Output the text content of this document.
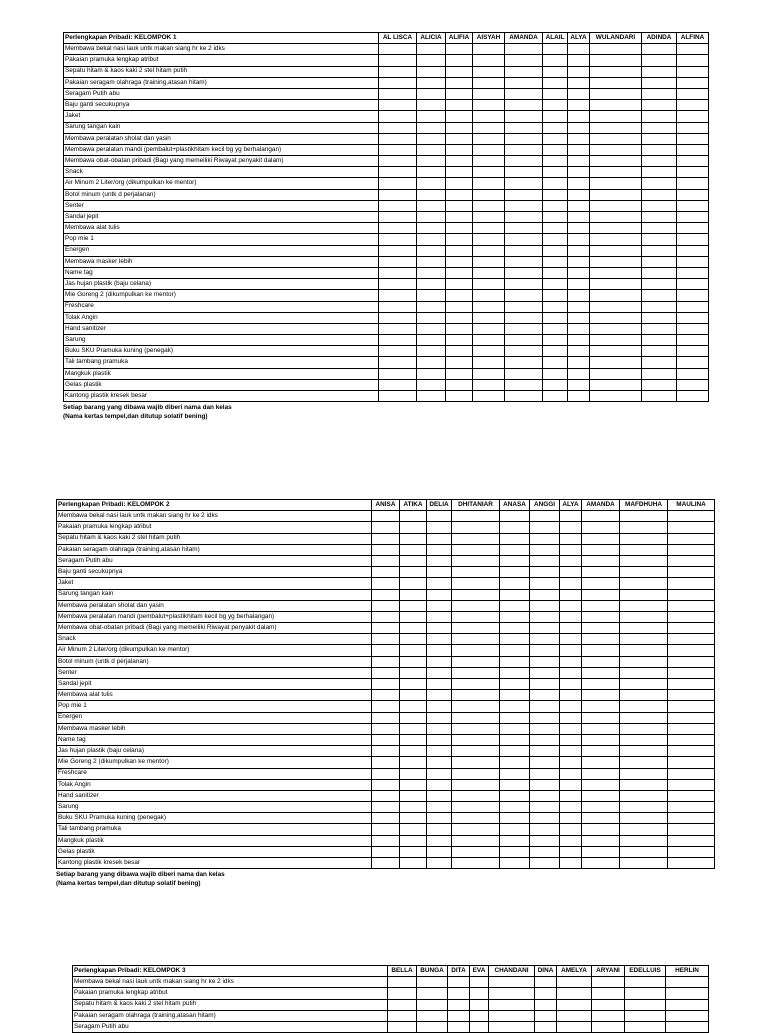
Perlengkapan Pribadi: KELOMPOK 1	AL LISCA	ALICIA	ALIFIA	AISYAH	AMANDA	ALAIL	ALYA	WULANDARI	ADINDA	ALFINA
Membawa bekal nasi lauk untk makan siang hr ke 2 idks										
Pakaian pramuka lengkap atribut										
Sepatu hitam & kaos kaki 2 stel hitam putih										
Pakaian seragam olahraga (training,atasan hitam)										
Seragam Putih abu										
Baju ganti secukupnya										
Jaket										
Sarung tangan kain										
Membawa peralatan sholat dan yasin										
Membawa peralatan mandi (pembalut+plastikhitam kecil bg yg berhalangan)										
Membawa obat-obatan pribadi (Bagi yang memeiliki Riwayat penyakit dalam)										
Snack										
Air Minum 2 Liter/org (dikumpulkan ke mentor)										
Botol minum (untk d perjalanan)										
Senter										
Sandal jepit										
Membawa alat tulis										
Pop mie 1										
Energen										
Membawa masker lebih										
Name tag										
Jas hujan plastik (baju celana)										
Mie Goreng 2 (dikumpulkan ke mentor)										
Freshcare										
Tolak Angin										
Hand sanitizer										
Sarung										
Buku SKU Pramuka kuning (penegak)										
Tali tambang pramuka										
Mangkuk plastik										
Gelas plastik										
Kantong plastik kresek besar										
Setiap barang yang dibawa wajib diberi nama dan kelas
(Nama kertas tempel,dan ditutup solatif bening)
Perlengkapan Pribadi: KELOMPOK 2	ANISA	ATIKA	DELIA	DHITANIAR	ANASA	ANGGI	ALYA	AMANDA	MAFDHUHA	MAULINA
Membawa bekal nasi lauk untk makan siang hr ke 2 idks										
Pakaian pramuka lengkap atribut										
Sepatu hitam & kaos kaki 2 stel hitam putih										
Pakaian seragam olahraga (training,atasan hitam)										
Seragam Putih abu										
Baju ganti secukupnya										
Jaket										
Sarung tangan kain										
Membawa peralatan sholat dan yasin										
Membawa peralatan mandi (pembalut+plastikhitam kecil bg yg berhalangan)										
Membawa obat-obatan pribadi (Bagi yang memeiliki Riwayat penyakit dalam)										
Snack										
Air Minum 2 Liter/org (dikumpulkan ke mentor)										
Botol minum (untk d perjalanan)										
Senter										
Sandal jepit										
Membawa alat tulis										
Pop mie 1										
Energen										
Membawa masker lebih										
Name tag										
Jas hujan plastik (baju celana)										
Mie Goreng 2 (dikumpulkan ke mentor)										
Freshcare										
Tolak Angin										
Hand sanitizer										
Sarung										
Buku SKU Pramuka kuning (penegak)										
Tali tambang pramuka										
Mangkuk plastik										
Gelas plastik										
Kantong plastik kresek besar										
Setiap barang yang dibawa wajib diberi nama dan kelas
(Nama kertas tempel,dan ditutup solatif bening)
Perlengkapan Pribadi: KELOMPOK 3	BELLA	BUNGA	DITA	EVA	CHANDANI	DINA	AMELYA	ARYANI	EDELLUIS	HERLIN
Membawa bekal nasi lauk untk makan siang hr ke 2 idks										
Pakaian pramuka lengkap atribut										
Sepatu hitam & kaos kaki 2 stel hitam putih										
Pakaian seragam olahraga (training,atasan hitam)										
Seragam Putih abu										
